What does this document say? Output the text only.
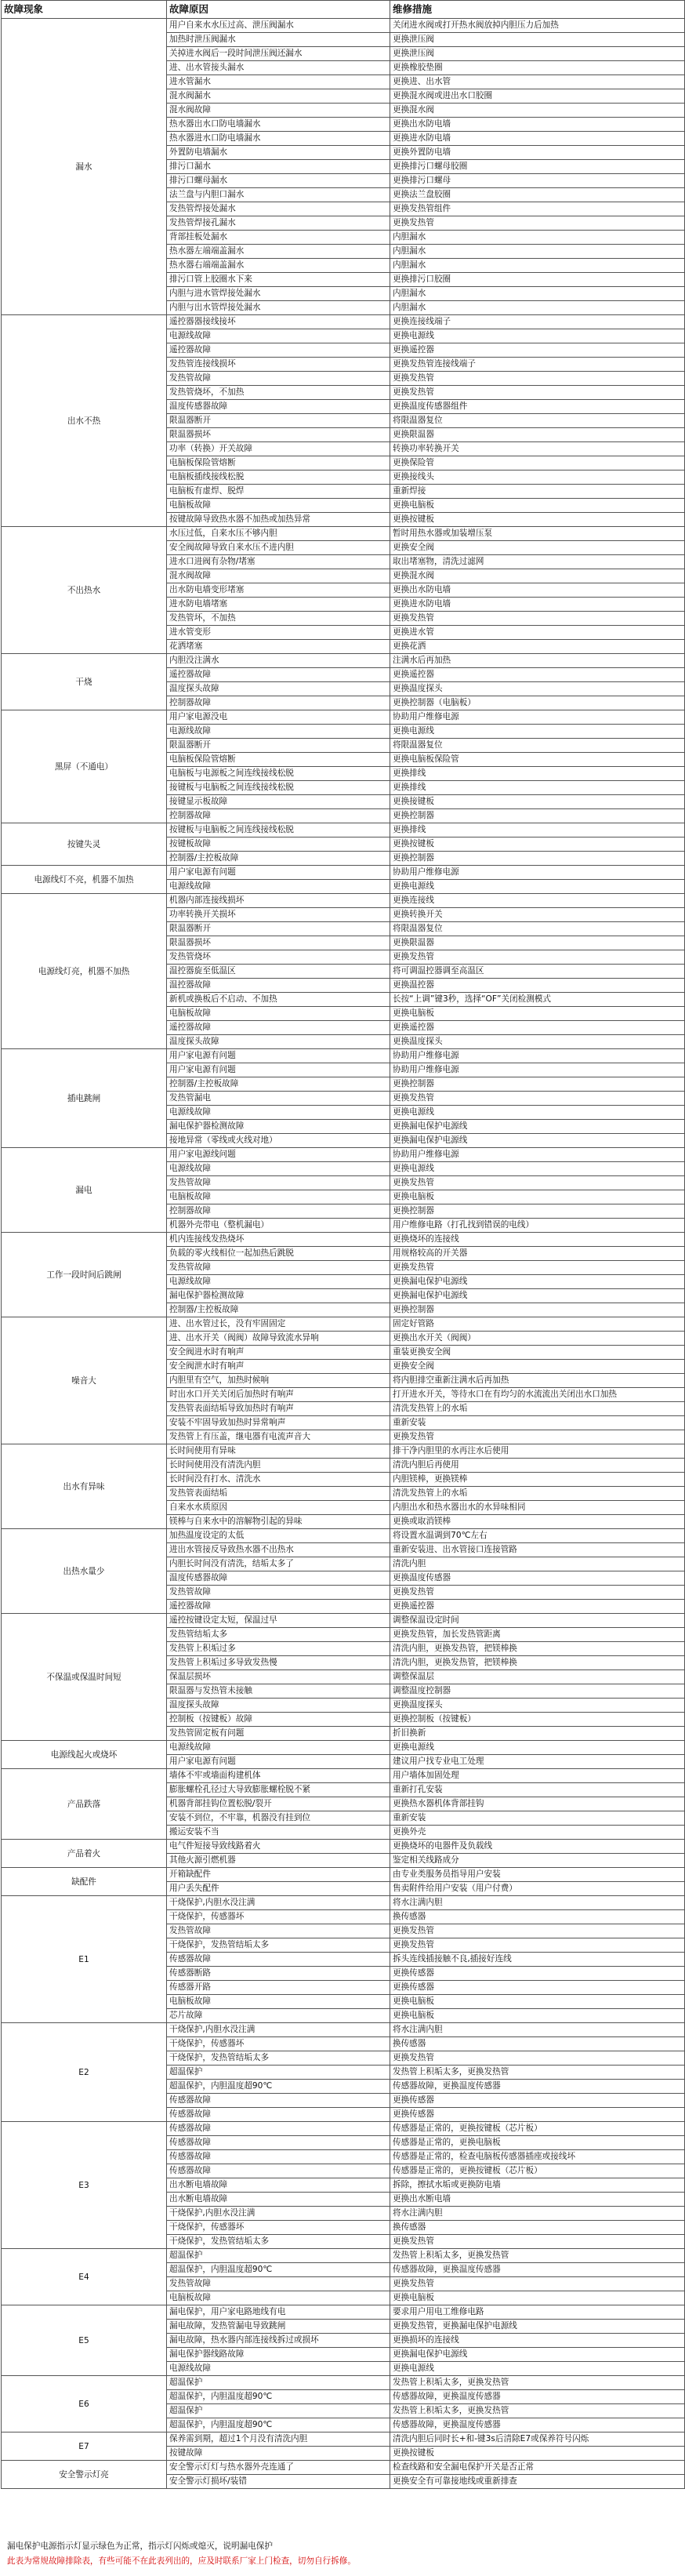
故障现象	故障原因	维修措施
漏水	用户自来水水压过高、泄压阀漏水	关闭进水阀或打开热水阀放掉内胆压力后加热
	加热时泄压阀漏水	更换泄压阀
	关掉进水阀后一段时间泄压阀还漏水	更换泄压阀
	进、出水管接头漏水	更换橡胶垫圈
	进水管漏水	更换进、出水管
	混水阀漏水	更换混水阀或进出水口胶圈
	混水阀故障	更换混水阀
	热水器出水口防电墙漏水	更换出水防电墙
	热水器进水口防电墙漏水	更换进水防电墙
	外置防电墙漏水	更换外置防电墙
	排污口漏水	更换排污口螺母胶圈
	排污口螺母漏水	更换排污口螺母
	法兰盘与内胆口漏水	更换法兰盘胶圈
	发热管焊接处漏水	更换发热管组件
	发热管焊接孔漏水	更换发热管
	背部挂板处漏水	内胆漏水
	热水器左端端盖漏水	内胆漏水
	热水器右端端盖漏水	内胆漏水
	排污口管上胶圈水下来	更换排污口胶圈
	内胆与进水管焊接处漏水	内胆漏水
	内胆与出水管焊接处漏水	内胆漏水
出水不热	遥控器器接线接坏	更换连接线端子
	电源线故障	更换电源线
	遥控器故障	更换遥控器
	发热管连接线损坏	更换发热管连接线端子
	发热管故障	更换发热管
	发热管烧坏，不加热	更换发热管
	温度传感器故障	更换温度传感器组件
	限温器断开	将限温器复位
	限温器损坏	更换限温器
	功率（转换）开关故障	转换功率转换开关
	电脑板保险管熔断	更换保险管
	电脑板插线接线松脱	更换接线头
	电脑板有虚焊、脱焊	重新焊接
	电脑板故障	更换电脑板
	按键故障导致热水器不加热或加热异常	更换按键板
不出热水	水压过低，自来水压不够内胆	暂时用热水器或加装增压泵
	安全阀故障导致自来水压不进内胆	更换安全阀
	进水口进阀有杂物/堵塞	取出堵塞物，清洗过滤网
	混水阀故障	更换混水阀
	出水防电墙变形堵塞	更换出水防电墙
	进水防电墙堵塞	更换进水防电墙
	发热管坏，不加热	更换发热管
	进水管变形	更换进水管
	花洒堵塞	更换花洒
干烧	内胆没注满水	注满水后再加热
	遥控器故障	更换遥控器
	温度探头故障	更换温度探头
	控制器故障	更换控制器（电脑板）
黑屏（不通电）	用户家电源没电	协助用户维修电源
	电源线故障	更换电源线
	限温器断开	将限温器复位
	电脑板保险管熔断	更换电脑板保险管
	电脑板与电源板之间连线接线松脱	更换排线
	接键板与电脑板之间连线接线松脱	更换排线
	接键显示板故障	更换接键板
	控制器故障	更换控制器
按键失灵	按键板与电脑板之间连线接线松脱	更换排线
	按键板故障	更换按键板
	控制器/主控板故障	更换控制器
电源线灯不亮，机器不加热	用户家电源有问题	协助用户维修电源
	电源线故障	更换电源线
电源线灯亮，机器不加热	机器内部连接线损坏	更换连接线
	功率转换开关损坏	更换转换开关
	限温器断开	将限温器复位
	限温器损坏	更换限温器
	发热管烧坏	更换发热管
	温控器旋至低温区	将可调温控器调至高温区
	温控器故障	更换温控器
	新机或换板后不启动、不加热	长按“上调”键3秒，选择“OF”关闭检测模式
	电脑板故障	更换电脑板
	遥控器故障	更换遥控器
	温度探头故障	更换温度探头
插电跳闸	用户家电源有问题	协助用户维修电源
	用户家电源有问题	协助用户维修电源
	控制器/主控板故障	更换控制器
	发热管漏电	更换发热管
	电源线故障	更换电源线
	漏电保护器检测故障	更换漏电保护电源线
	接地异常（零线或火线对地）	更换漏电保护电源线
漏电	用户家电源线问题	协助用户维修电源
	电源线故障	更换电源线
	发热管故障	更换发热管
	电脑板故障	更换电脑板
	控制器故障	更换控制器
	机器外壳带电（整机漏电）	用户维修电路（打孔找到错误的电线）
工作一段时间后跳闸	机内连接线发热烧坏	更换烧坏的连接线
	负载的零火线相位一起加热后跳脱	用规格较高的开关器
	发热管故障	更换发热管
	电源线故障	更换漏电保护电源线
	漏电保护器检测故障	更换漏电保护电源线
	控制器/主控板故障	更换控制器
噪音大	进、出水管过长，没有牢固固定	固定好管路
	进、出水开关（阀阀）故障导致流水异响	更换出水开关（阀阀）
	安全阀进水时有响声	重装更换安全阀
	安全阀泄水时有响声	更换安全阀
	内胆里有空气，加热时候响	将内胆排空重新注满水后再加热
	时出水口开关关闭后加热时有响声	打开进水开关，等待水口在有均匀的水流流出关闭出水口加热
	发热管表面结垢导致加热时有响声	清洗发热管上的水垢
	安装不牢固导致加热时异常响声	重新安装
	发热管上有压盖，继电器有电流声音大	更换发热管
出水有异味	长时间使用有异味	排干净内胆里的水再注水后使用
	长时间使用没有清洗内胆	清洗内胆后再使用
	长时间没有打水、清洗水	内胆镁棒，更换镁棒
	发热管表面结垢	清洗发热管上的水垢
	自来水水质原因	内胆出水和热水器出水的水异味相同
	镁棒与自来水中的溶解物引起的异味	更换或取消镁棒
出热水量少	加热温度设定的太低	将设置水温调到70℃左右
	进出水管接反导致热水器不出热水	重新安装进、出水管接口连接管路
	内胆长时间没有清洗，结垢太多了	清洗内胆
	温度传感器故障	更换温度传感器
	发热管故障	更换发热管
	遥控器故障	更换遥控器
不保温或保温时间短	遥控按键设定太短，保温过早	调整保温设定时间
	发热管结垢太多	更换发热管，加长发热管距离
	发热管上积垢过多	清洗内胆，更换发热管，把镁棒换
	发热管上积垢过多导致发热慢	清洗内胆，更换发热管，把镁棒换
	保温层损坏	调整保温层
	限温器与发热管未接触	调整温度控制器
	温度探头故障	更换温度探头
	控制板（按键板）故障	更换控制板（按键板）
	发热管固定板有问题	折旧换新
电源线起火或烧坏	电源线故障	更换电源线
	用户家电源有问题	建议用户找专业电工处理
产品跌落	墙体不牢或墙面构建机体	用户墙体加固处理
	膨胀螺栓孔径过大导致膨胀螺栓脱不紧	重新打孔安装
	机器背部挂钩位置松脱/裂开	更换热水器机体背部挂钩
	安装不到位，不牢靠，机器没有挂到位	重新安装
	搬运安装不当	更换外壳
产品着火	电气件短接导致线路着火	更换烧坏的电器件及负载线
	其他火源引燃机器	鉴定相关线路成分
缺配件	开箱缺配件	由专业类服务员指导用户安装
	用户丢失配件	售卖附件给用户安装（用户付费）
E1	干烧保护,内胆水没注满	将水注满内胆
	干烧保护，传感器坏	换传感器
	发热管故障	更换发热管
	干烧保护，发热管结垢太多	更换发热管
	传感器故障	拆头连线插接触不良,插接好连线
	传感器断路	更换传感器
	传感器开路	更换传感器
	电脑板故障	更换电脑板
	芯片故障	更换电脑板
E2	干烧保护,内胆水没注满	将水注满内胆
	干烧保护，传感器坏	换传感器
	干烧保护，发热管结垢太多	更换发热管
	超温保护	发热管上积垢太多，更换发热管
	超温保护，内胆温度超90℃	传感器故障，更换温度传感器
	传感器故障	更换传感器
	传感器故障	更换传感器
E3	传感器故障	传感器是正常的，更换按键板（芯片板）
	传感器故障	传感器是正常的，更换电脑板
	传感器故障	传感器是正常的，检查电脑板传感器插座或接线坏
	传感器故障	传感器是正常的，更换按键板（芯片板）
	出水断电墙故障	拆除，擦拭水垢或更换防电墙
	出水断电墙故障	更换出水断电墙
	干烧保护,内胆水没注满	将水注满内胆
	干烧保护，传感器坏	换传感器
	干烧保护，发热管结垢太多	更换发热管
E4	超温保护	发热管上积垢太多，更换发热管
	超温保护，内胆温度超90℃	传感器故障，更换温度传感器
	发热管故障	更换发热管
	电脑板故障	更换电脑板
E5	漏电保护，用户家电路地线有电	要求用户用电工维修电路
	漏电故障，发热管漏电导致跳闸	更换发热管，更换漏电保护电源线
	漏电故障，热水器内部连接线拆过或损坏	更换损坏的连接线
	漏电保护器线路故障	更换漏电保护电源线
	电源线故障	更换电源线
E6	超温保护	发热管上积垢太多，更换发热管
	超温保护，内胆温度超90℃	传感器故障，更换温度传感器
	超温保护	发热管上积垢太多，更换发热管
	超温保护，内胆温度超90℃	传感器故障，更换温度传感器
E7	保养需到期，超过1个月没有清洗内胆	清洗内胆后同时长+和-键3s后清除E7或保养符号闪烁
	按键故障	更换按键板
安全警示灯亮	安全警示灯灯与热水器外壳连通了	检查线路和安全漏电保护开关是否正常
	安全警示灯损坏/装错	更换安全有可靠接地线或重新排查
漏电保护电源指示灯显示绿色为正常，指示灯闪烁或熄灭，说明漏电保护
此表为常规故障排除表，有些可能不在此表列出的，应及时联系厂家上门检查，切勿自行拆修。
